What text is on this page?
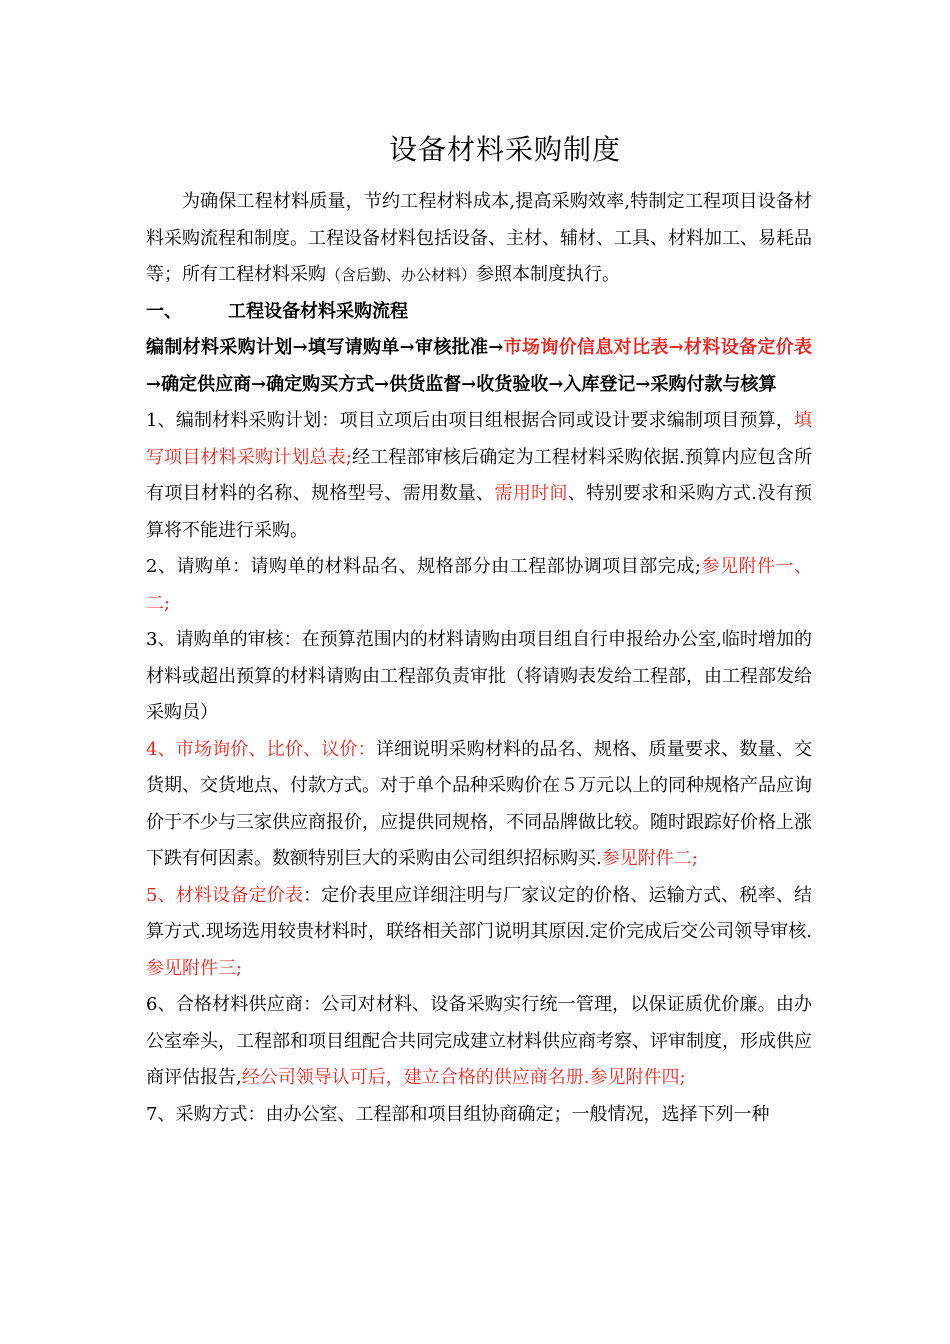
设备材料采购制度

为确保工程材料质量，节约工程材料成本,提高采购效率,特制定工程项目设备材料采购流程和制度。工程设备材料包括设备、主材、辅材、工具、材料加工、易耗品等；所有工程材料采购（含后勤、办公材料）参照本制度执行。

一、	工程设备材料采购流程

编制材料采购计划→填写请购单→审核批准→市场询价信息对比表→材料设备定价表→确定供应商→确定购买方式→供货监督→收货验收→入库登记→采购付款与核算

1、编制材料采购计划：项目立项后由项目组根据合同或设计要求编制项目预算，填写项目材料采购计划总表;经工程部审核后确定为工程材料采购依据.预算内应包含所有项目材料的名称、规格型号、需用数量、需用时间、特别要求和采购方式.没有预算将不能进行采购。

2、请购单：请购单的材料品名、规格部分由工程部协调项目部完成;参见附件一、二;

3、请购单的审核：在预算范围内的材料请购由项目组自行申报给办公室,临时增加的材料或超出预算的材料请购由工程部负责审批（将请购表发给工程部，由工程部发给采购员）

4、市场询价、比价、议价：详细说明采购材料的品名、规格、质量要求、数量、交货期、交货地点、付款方式。对于单个品种采购价在５万元以上的同种规格产品应询价于不少与三家供应商报价，应提供同规格，不同品牌做比较。随时跟踪好价格上涨下跌有何因素。数额特别巨大的采购由公司组织招标购买.参见附件二;

5、材料设备定价表：定价表里应详细注明与厂家议定的价格、运输方式、税率、结算方式.现场选用较贵材料时，联络相关部门说明其原因.定价完成后交公司领导审核.参见附件三;

6、合格材料供应商：公司对材料、设备采购实行统一管理，以保证质优价廉。由办公室牵头，工程部和项目组配合共同完成建立材料供应商考察、评审制度，形成供应商评估报告,经公司领导认可后，建立合格的供应商名册.参见附件四;

7、采购方式：由办公室、工程部和项目组协商确定；一般情况，选择下列一种
